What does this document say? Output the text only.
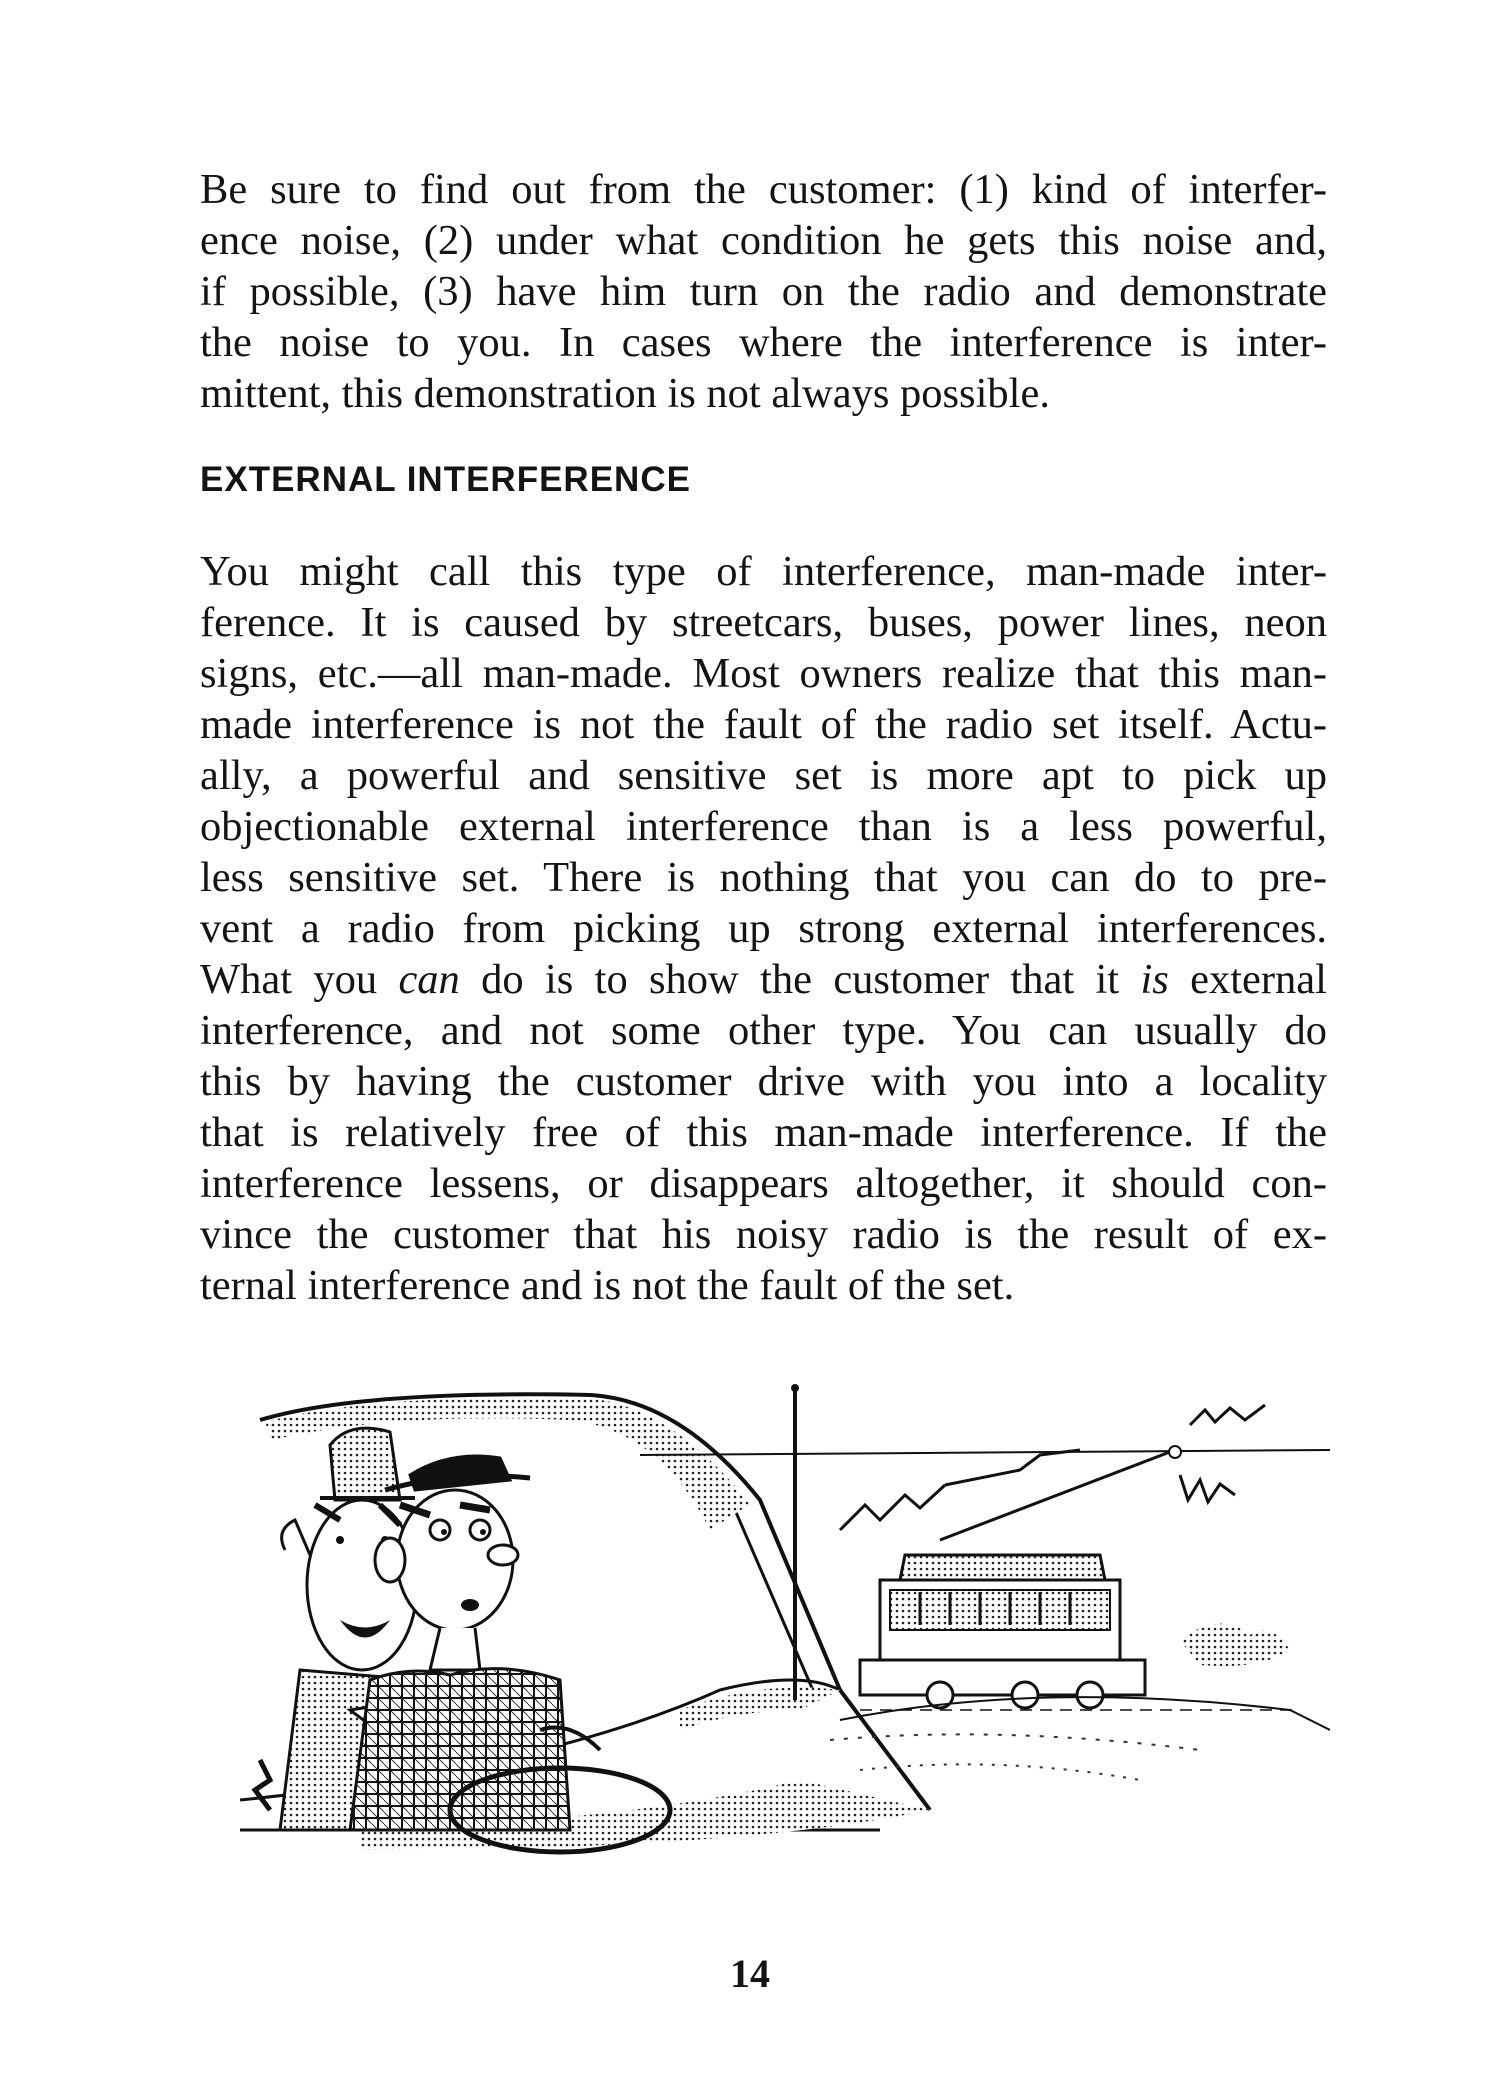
Be sure to find out from the customer: (1) kind of interfer-
ence noise, (2) under what condition he gets this noise and,
if possible, (3) have him turn on the radio and demonstrate
the noise to you. In cases where the interference is inter-
mittent, this demonstration is not always possible.
EXTERNAL INTERFERENCE
You might call this type of interference, man-made inter-
ference. It is caused by streetcars, buses, power lines, neon
signs, etc.—all man-made. Most owners realize that this man-
made interference is not the fault of the radio set itself. Actu-
ally, a powerful and sensitive set is more apt to pick up
objectionable external interference than is a less powerful,
less sensitive set. There is nothing that you can do to pre-
vent a radio from picking up strong external interferences.
What you can do is to show the customer that it is external
interference, and not some other type. You can usually do
this by having the customer drive with you into a locality
that is relatively free of this man-made interference. If the
interference lessens, or disappears altogether, it should con-
vince the customer that his noisy radio is the result of ex-
ternal interference and is not the fault of the set.
14
